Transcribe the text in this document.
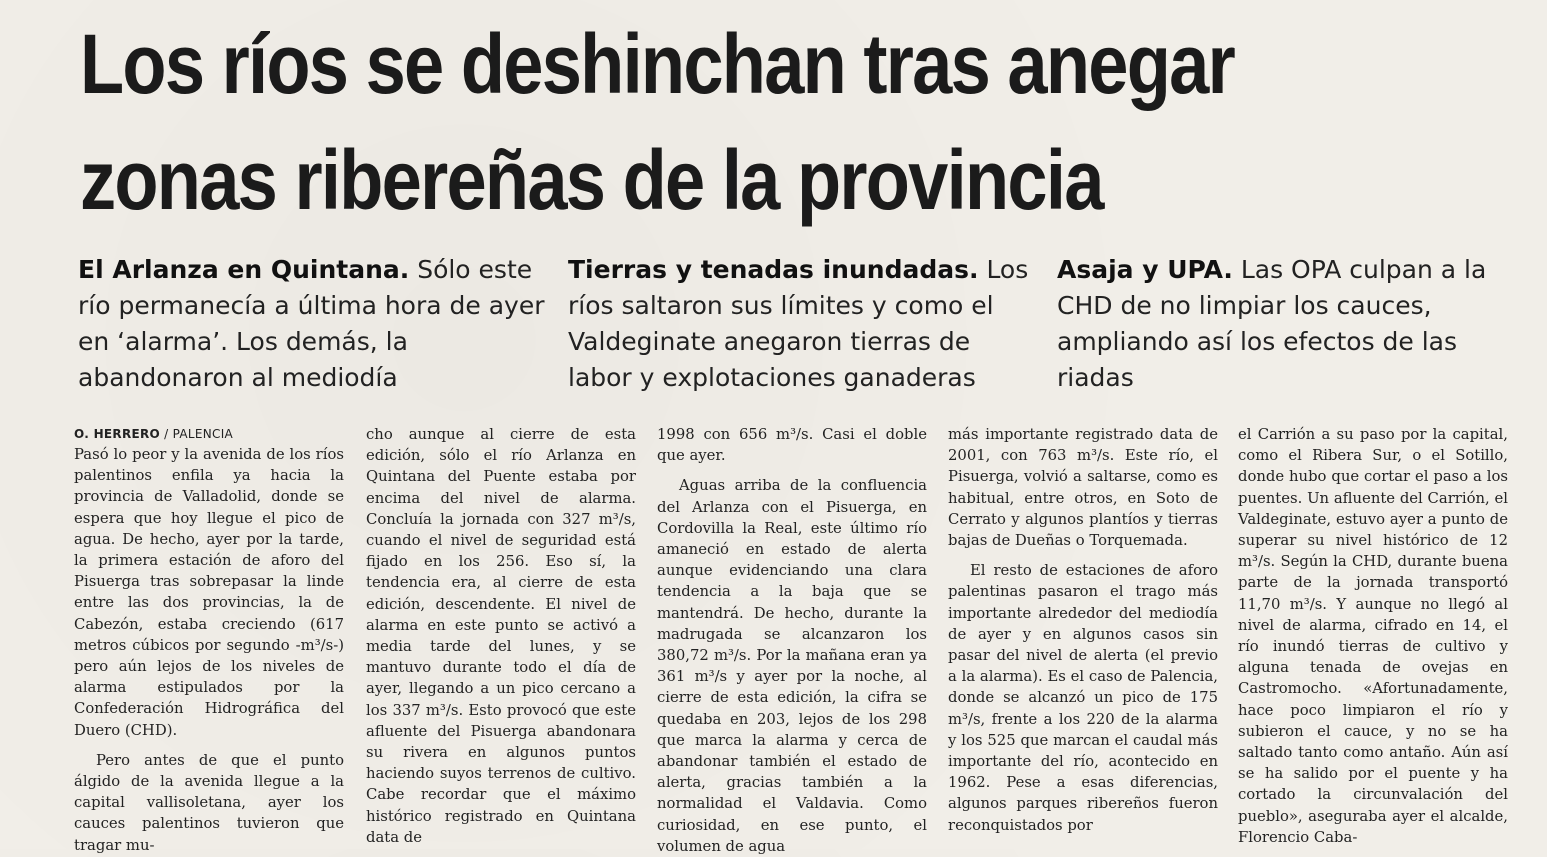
Los ríos se deshinchan tras anegar
zonas ribereñas de la provincia
El Arlanza en Quintana. Sólo este río permanecía a última hora de ayer en ‘alarma’. Los demás, la abandonaron al mediodía
Tierras y tenadas inundadas. Los ríos saltaron sus límites y como el Valdeginate anegaron tierras de labor y explotaciones ganaderas
Asaja y UPA. Las OPA culpan a la CHD de no limpiar los cauces, ampliando así los efectos de las riadas
O. HERRERO / PALENCIA

Pasó lo peor y la avenida de los ríos palentinos enfila ya hacia la provincia de Valladolid, donde se espera que hoy llegue el pico de agua. De hecho, ayer por la tarde, la primera estación de aforo del Pisuerga tras sobrepasar la linde entre las dos provincias, la de Cabezón, estaba creciendo (617 metros cúbicos por segundo -m³/s-) pero aún lejos de los niveles de alarma estipulados por la Confederación Hidrográfica del Duero (CHD).

Pero antes de que el punto álgido de la avenida llegue a la capital vallisoletana, ayer los cauces palentinos tuvieron que tragar mu-

cho aunque al cierre de esta edición, sólo el río Arlanza en Quintana del Puente estaba por encima del nivel de alarma. Concluía la jornada con 327 m³/s, cuando el nivel de seguridad está fijado en los 256. Eso sí, la tendencia era, al cierre de esta edición, descendente. El nivel de alarma en este punto se activó a media tarde del lunes, y se mantuvo durante todo el día de ayer, llegando a un pico cercano a los 337 m³/s. Esto provocó que este afluente del Pisuerga abandonara su rivera en algunos puntos haciendo suyos terrenos de cultivo. Cabe recordar que el máximo histórico registrado en Quintana data de

1998 con 656 m³/s. Casi el doble que ayer.

Aguas arriba de la confluencia del Arlanza con el Pisuerga, en Cordovilla la Real, este último río amaneció en estado de alerta aunque evidenciando una clara tendencia a la baja que se mantendrá. De hecho, durante la madrugada se alcanzaron los 380,72 m³/s. Por la mañana eran ya 361 m³/s y ayer por la noche, al cierre de esta edición, la cifra se quedaba en 203, lejos de los 298 que marca la alarma y cerca de abandonar también el estado de alerta, gracias también a la normalidad el Valdavia. Como curiosidad, en ese punto, el volumen de agua

más importante registrado data de 2001, con 763 m³/s. Este río, el Pisuerga, volvió a saltarse, como es habitual, entre otros, en Soto de Cerrato y algunos plantíos y tierras bajas de Dueñas o Torquemada.

El resto de estaciones de aforo palentinas pasaron el trago más importante alrededor del mediodía de ayer y en algunos casos sin pasar del nivel de alerta (el previo a la alarma). Es el caso de Palencia, donde se alcanzó un pico de 175 m³/s, frente a los 220 de la alarma y los 525 que marcan el caudal más importante del río, acontecido en 1962. Pese a esas diferencias, algunos parques ribereños fueron reconquistados por

el Carrión a su paso por la capital, como el Ribera Sur, o el Sotillo, donde hubo que cortar el paso a los puentes. Un afluente del Carrión, el Valdeginate, estuvo ayer a punto de superar su nivel histórico de 12 m³/s. Según la CHD, durante buena parte de la jornada transportó 11,70 m³/s. Y aunque no llegó al nivel de alarma, cifrado en 14, el río inundó tierras de cultivo y alguna tenada de ovejas en Castromocho. «Afortunadamente, hace poco limpiaron el río y subieron el cauce, y no se ha saltado tanto como antaño. Aún así se ha salido por el puente y ha cortado la circunvalación del pueblo», aseguraba ayer el alcalde, Florencio Caba-
